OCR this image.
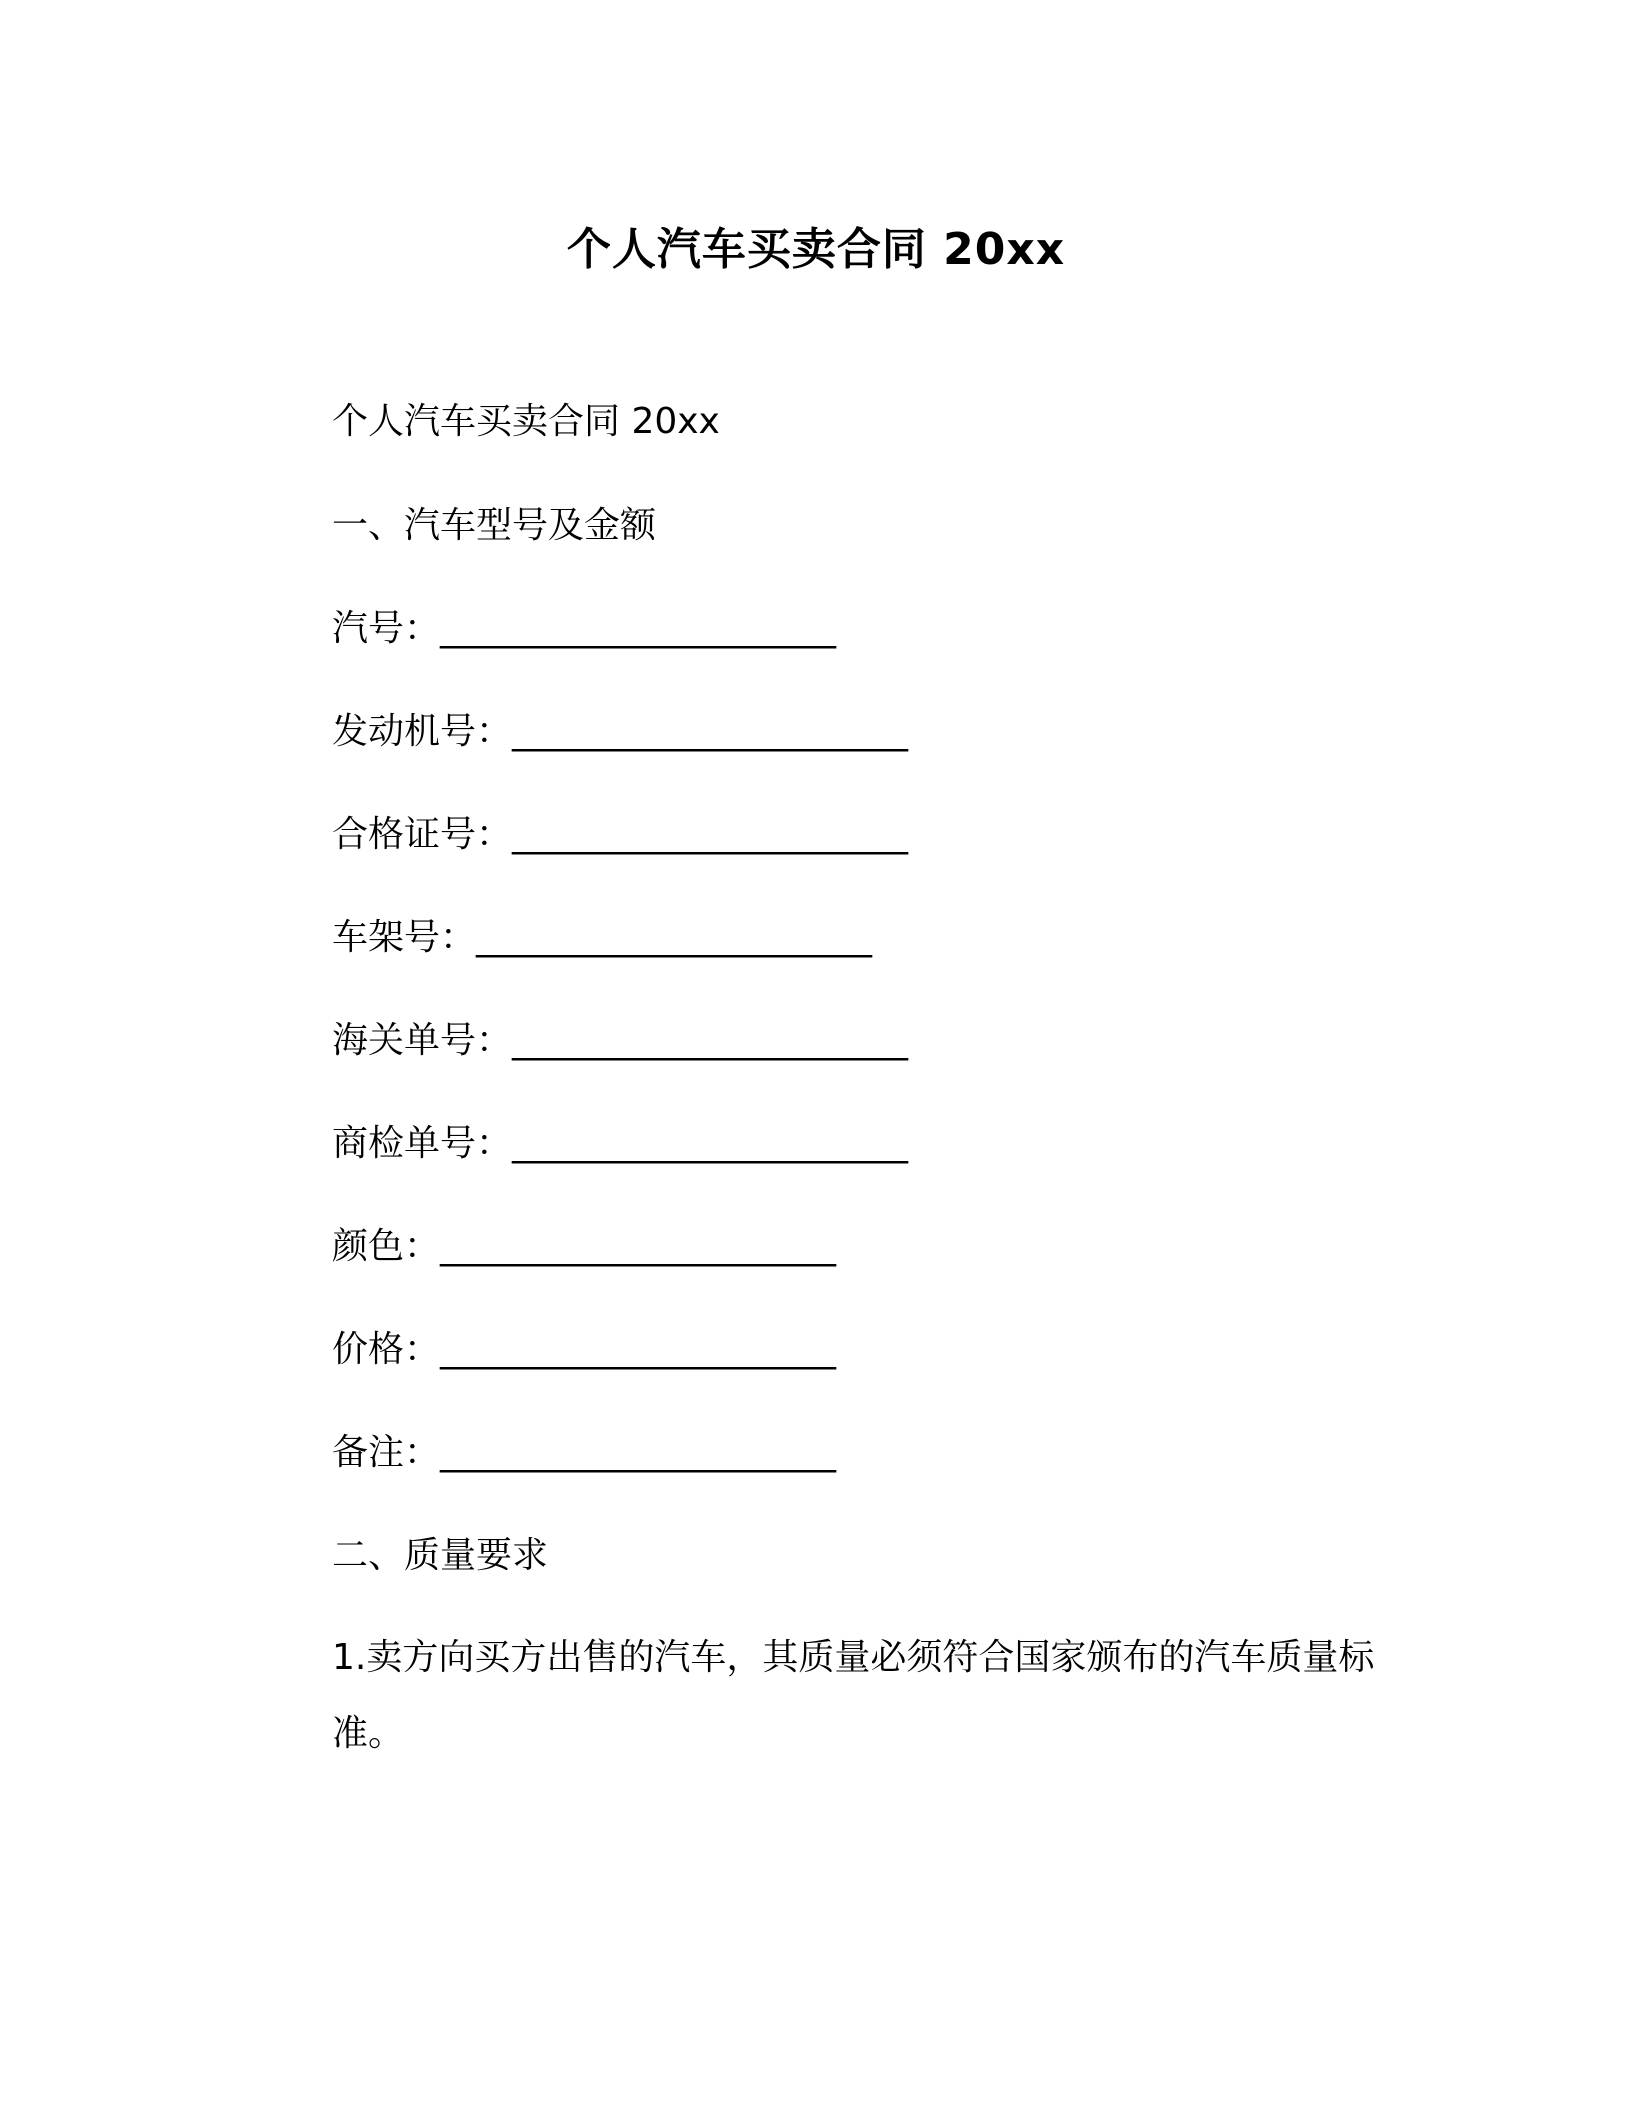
个人汽车买卖合同 20xx
个人汽车买卖合同 20xx
一、汽车型号及金额
汽号：______________________
发动机号：______________________
合格证号：______________________
车架号：______________________
海关单号：______________________
商检单号：______________________
颜色：______________________
价格：______________________
备注：______________________
二、质量要求
1.卖方向买方出售的汽车，其质量必须符合国家颁布的汽车质量标准。
